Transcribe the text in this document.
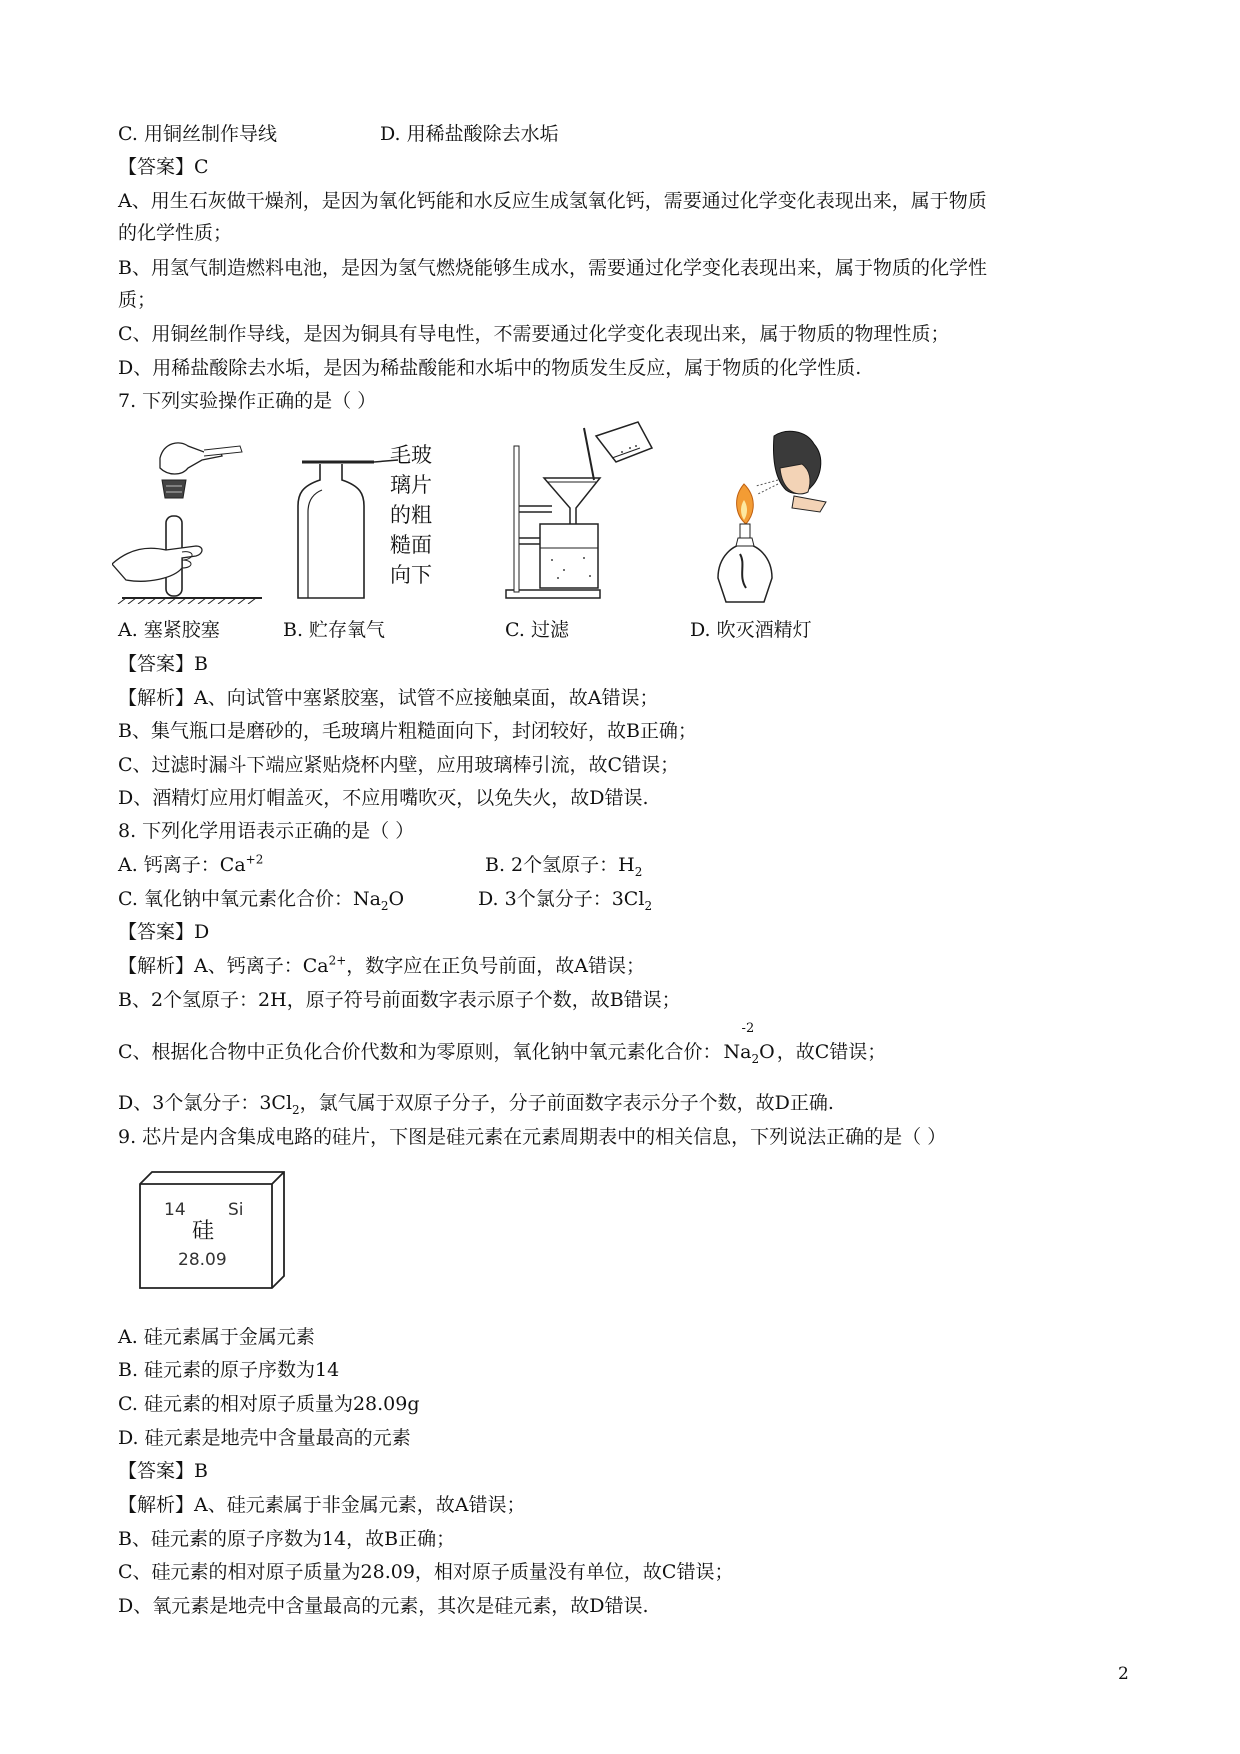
C. 用铜丝制作导线	D. 用稀盐酸除去水垢
【答案】C
A、用生石灰做干燥剂，是因为氧化钙能和水反应生成氢氧化钙，需要通过化学变化表现出来，属于物质
的化学性质；
B、用氢气制造燃料电池，是因为氢气燃烧能够生成水，需要通过化学变化表现出来，属于物质的化学性
质；
C、用铜丝制作导线，是因为铜具有导电性，不需要通过化学变化表现出来，属于物质的物理性质；
D、用稀盐酸除去水垢，是因为稀盐酸能和水垢中的物质发生反应，属于物质的化学性质.
7. 下列实验操作正确的是（ ）
毛玻
璃片
的粗
糙面
向下
A. 塞紧胶塞	B. 贮存氧气	C. 过滤	D. 吹灭酒精灯
【答案】B
【解析】A、向试管中塞紧胶塞，试管不应接触桌面，故A错误；
B、集气瓶口是磨砂的，毛玻璃片粗糙面向下，封闭较好，故B正确；
C、过滤时漏斗下端应紧贴烧杯内壁，应用玻璃棒引流，故C错误；
D、酒精灯应用灯帽盖灭，不应用嘴吹灭，以免失火，故D错误.
8. 下列化学用语表示正确的是（ ）
A. 钙离子：$Ca^{+2}$	B. 2个氢原子：$H_2$
C. 氧化钠中氧元素化合价：$Na_2O$	D. 3个氯分子：$3Cl_2$
【答案】D
【解析】A、钙离子：$Ca^{2+}$，数字应在正负号前面，故A错误；
B、2个氢原子：2H，原子符号前面数字表示原子个数，故B错误；
C、根据化合物中正负化合价代数和为零原则，氧化钠中氧元素化合价：
-2
$Na_2O$ ，故C错误；
D、3个氯分子：$3Cl_2$，氯气属于双原子分子，分子前面数字表示分子个数，故D正确.
9. 芯片是内含集成电路的硅片，下图是硅元素在元素周期表中的相关信息，下列说法正确的是（ ）
14 Si
硅
28.09
A. 硅元素属于金属元素
B. 硅元素的原子序数为14
C. 硅元素的相对原子质量为28.09g
D. 硅元素是地壳中含量最高的元素
【答案】B
【解析】A、硅元素属于非金属元素，故A错误；
B、硅元素的原子序数为14，故B正确；
C、硅元素的相对原子质量为28.09，相对原子质量没有单位，故C错误；
D、氧元素是地壳中含量最高的元素，其次是硅元素，故D错误.
2
